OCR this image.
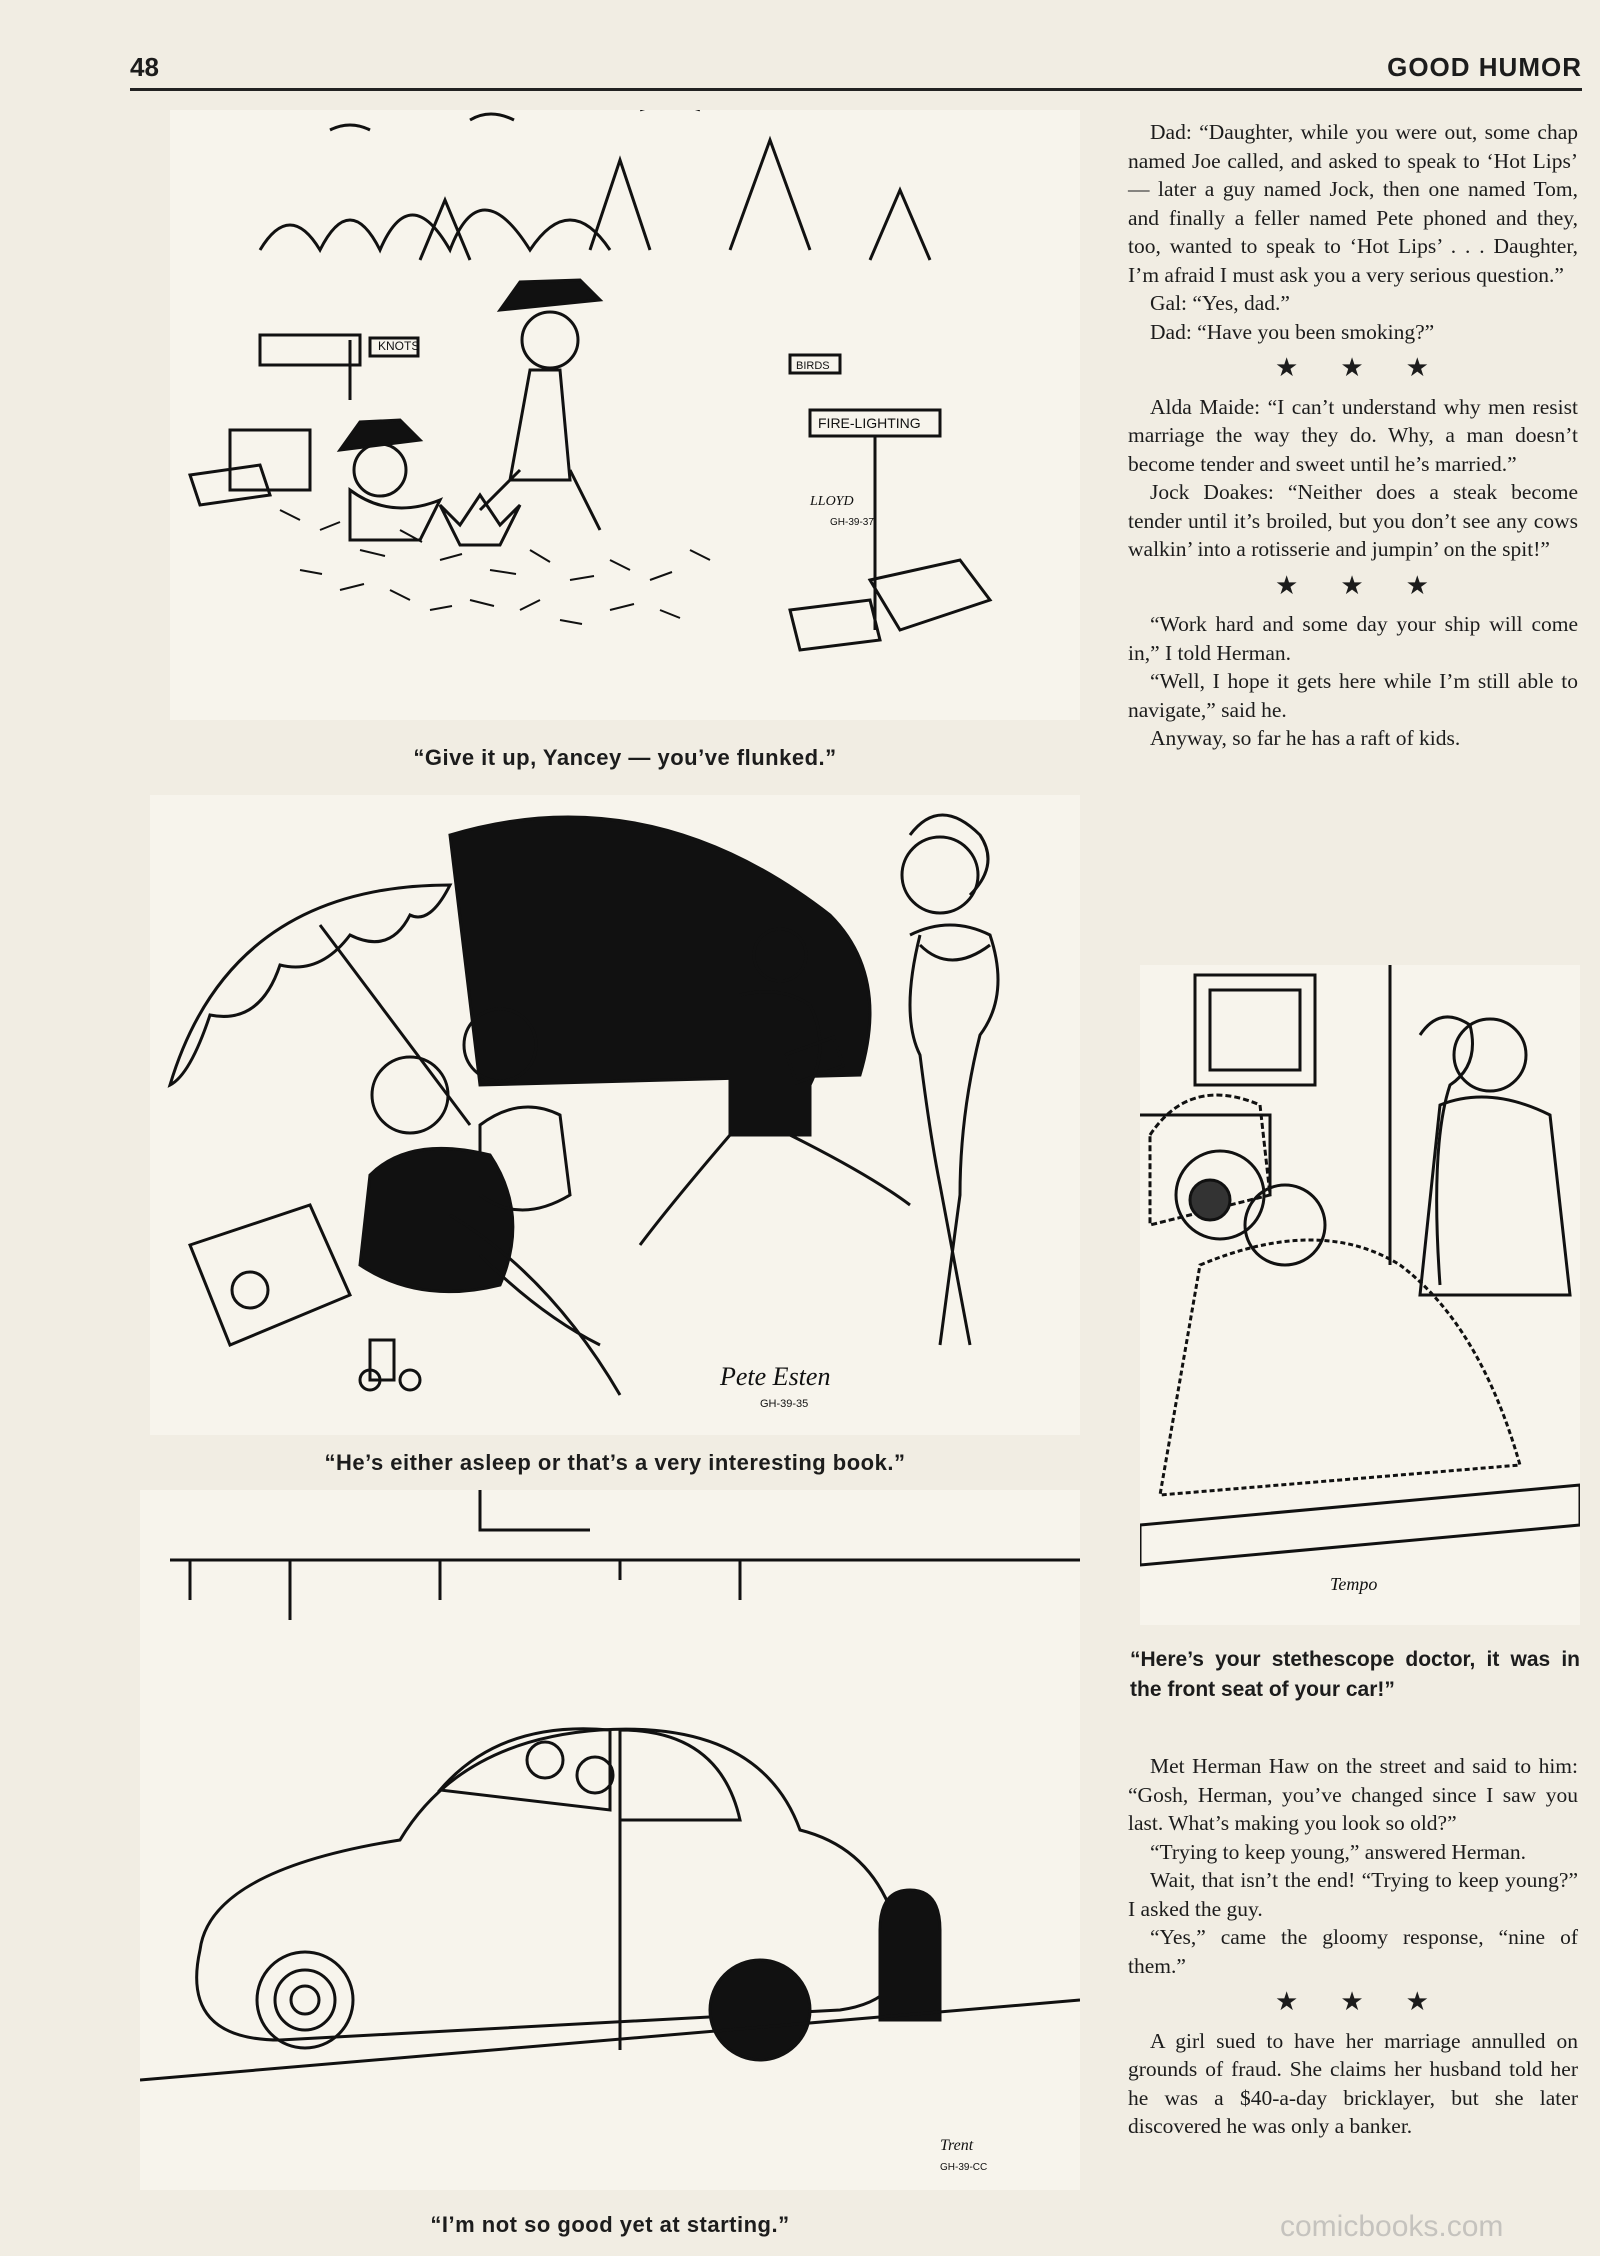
48	GOOD HUMOR
KNOTS
BIRDS
FIRE-LIGHTING
LLOYD
GH-39-37
“Give it up, Yancey — you’ve flunked.”
Pete Esten
GH-39-35
“He’s either asleep or that’s a very interesting book.”
Trent
GH-39-CC
“I’m not so good yet at starting.”

Dad: “Daughter, while you were out, some chap named Joe called, and asked to speak to ‘Hot Lips’ — later a guy named Jock, then one named Tom, and finally a feller named Pete phoned and they, too, wanted to speak to ‘Hot Lips’ . . . Daughter, I’m afraid I must ask you a very serious question.”

Gal: “Yes, dad.”

Dad: “Have you been smoking?”

★★★

Alda Maide: “I can’t understand why men resist marriage the way they do. Why, a man doesn’t become tender and sweet until he’s married.”

Jock Doakes: “Neither does a steak become tender until it’s broiled, but you don’t see any cows walkin’ into a rotisserie and jumpin’ on the spit!”

★★★

“Work hard and some day your ship will come in,” I told Herman.

“Well, I hope it gets here while I’m still able to navigate,” said he.

Anyway, so far he has a raft of kids.

Tempo
“Here’s your stethescope doctor, it was in the front seat of your car!”

Met Herman Haw on the street and said to him: “Gosh, Herman, you’ve changed since I saw you last. What’s making you look so old?”

“Trying to keep young,” answered Herman.

Wait, that isn’t the end! “Trying to keep young?” I asked the guy.

“Yes,” came the gloomy response, “nine of them.”

★★★

A girl sued to have her marriage annulled on grounds of fraud. She claims her husband told her he was a $40-a-day bricklayer, but she later discovered he was only a banker.

comicbooks.com
